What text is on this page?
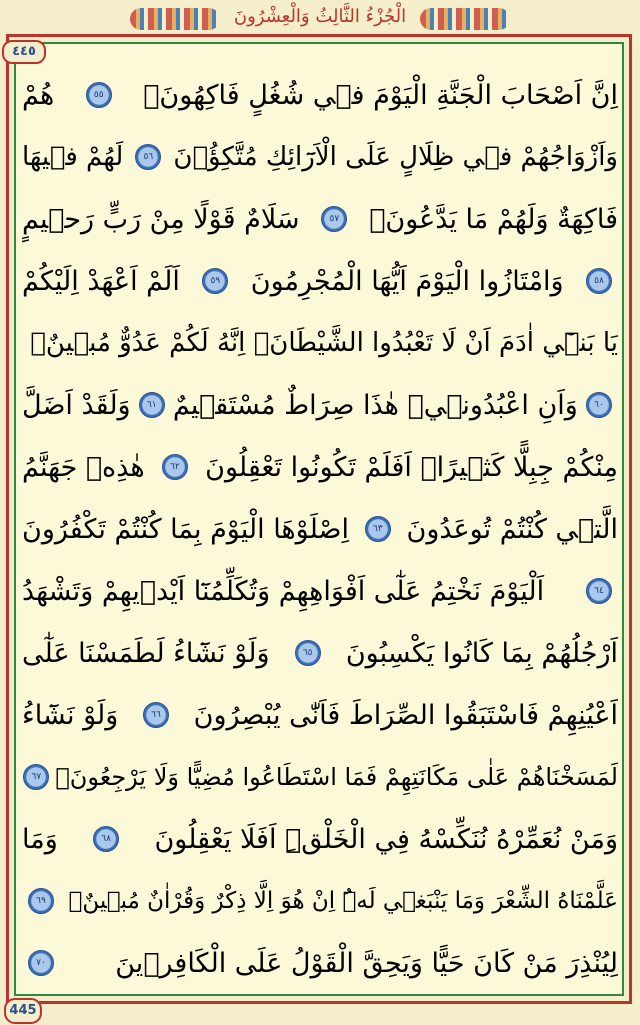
الْجُزْءُ الثَّالِثُ وَالْعِشْرُونَ
٤٤٥
اِنَّ اَصْحَابَ الْجَنَّةِ الْيَوْمَ ف۪ي شُغُلٍ فَاكِهُونَۚ
٥٥
هُمْ
وَاَزْوَاجُهُمْ ف۪ي ظِلَالٍ عَلَى الْاَرَٓائِكِ مُتَّكِؤُ۫نَ
٥٦
لَهُمْ ف۪يهَا
فَاكِهَةٌ وَلَهُمْ مَا يَدَّعُونَۚ
٥٧
سَلَامٌ قَوْلًا مِنْ رَبٍّ رَح۪يمٍ
٥٨
وَامْتَازُوا الْيَوْمَ اَيُّهَا الْمُجْرِمُونَ
٥٩
اَلَمْ اَعْهَدْ اِلَيْكُمْ
يَا بَن۪ٓي اٰدَمَ اَنْ لَا تَعْبُدُوا الشَّيْطَانَۚ اِنَّهُ لَكُمْ عَدُوٌّ مُب۪ينٌۙ
٦٠
وَاَنِ اعْبُدُون۪يۜ هٰذَا صِرَاطٌ مُسْتَق۪يمٌ
٦١
وَلَقَدْ اَضَلَّ
مِنْكُمْ جِبِلًّا كَث۪يرًاۜ اَفَلَمْ تَكُونُوا تَعْقِلُونَ
٦٢
هٰذِه۪ جَهَنَّمُ
الَّت۪ي كُنْتُمْ تُوعَدُونَ
٦٣
اِصْلَوْهَا الْيَوْمَ بِمَا كُنْتُمْ تَكْفُرُونَ
٦٤
اَلْيَوْمَ نَخْتِمُ عَلٰٓى اَفْوَاهِهِمْ وَتُكَلِّمُنَٓا اَيْد۪يهِمْ وَتَشْهَدُ
اَرْجُلُهُمْ بِمَا كَانُوا يَكْسِبُونَ
٦٥
وَلَوْ نَشَٓاءُ لَطَمَسْنَا عَلٰٓى
اَعْيُنِهِمْ فَاسْتَبَقُوا الصِّرَاطَ فَاَنّٰى يُبْصِرُونَ
٦٦
وَلَوْ نَشَٓاءُ
لَمَسَخْنَاهُمْ عَلٰى مَكَانَتِهِمْ فَمَا اسْتَطَاعُوا مُضِيًّا وَلَا يَرْجِعُونَ۟
٦٧
وَمَنْ نُعَمِّرْهُ نُنَكِّسْهُ فِي الْخَلْقِۜ اَفَلَا يَعْقِلُونَ
٦٨
وَمَا
عَلَّمْنَاهُ الشِّعْرَ وَمَا يَنْبَغ۪ي لَهُۜ اِنْ هُوَ اِلَّا ذِكْرٌ وَقُرْاٰنٌ مُب۪ينٌۙ
٦٩
لِيُنْذِرَ مَنْ كَانَ حَيًّا وَيَحِقَّ الْقَوْلُ عَلَى الْكَافِر۪ينَ
٧٠
445
